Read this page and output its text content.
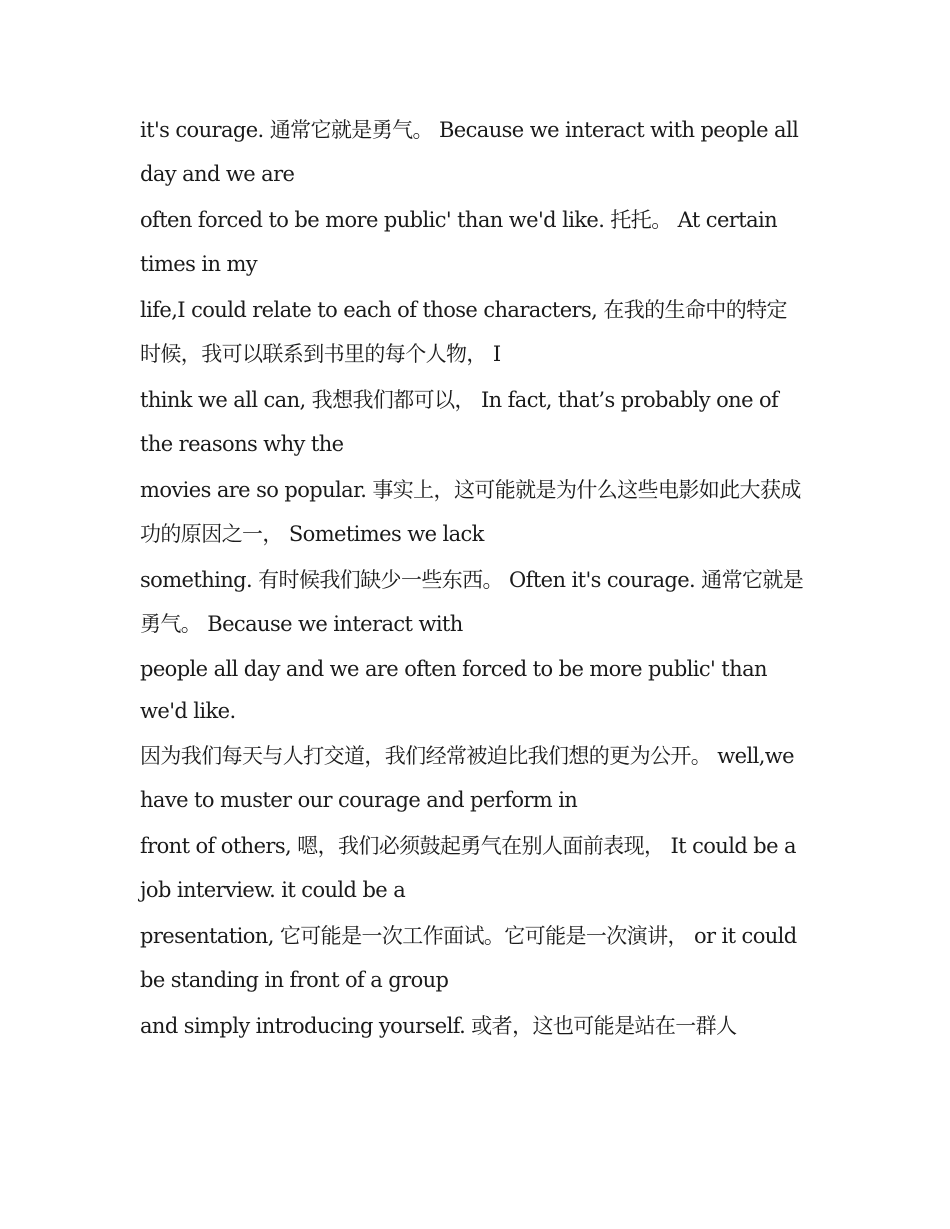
it's courage. 通常它就是勇气。 Because we interact with people all day and we are

often forced to be more public' than we'd like. 托托。 At certain times in my

life,I could relate to each of those characters, 在我的生命中的特定时候，我可以联系到书里的每个人物， I

think we all can, 我想我们都可以， In fact, that’s probably one of the reasons why the

movies are so popular. 事实上，这可能就是为什么这些电影如此大获成功的原因之一， Sometimes we lack

something. 有时候我们缺少一些东西。 Often it's courage. 通常它就是勇气。 Because we interact with

people all day and we are often forced to be more public' than we'd like.

因为我们每天与人打交道，我们经常被迫比我们想的更为公开。 well,we have to muster our courage and perform in

front of others, 嗯，我们必须鼓起勇气在别人面前表现， It could be a job interview. it could be a

presentation, 它可能是一次工作面试。它可能是一次演讲， or it could be standing in front of a group

and simply introducing yourself. 或者，这也可能是站在一群人
